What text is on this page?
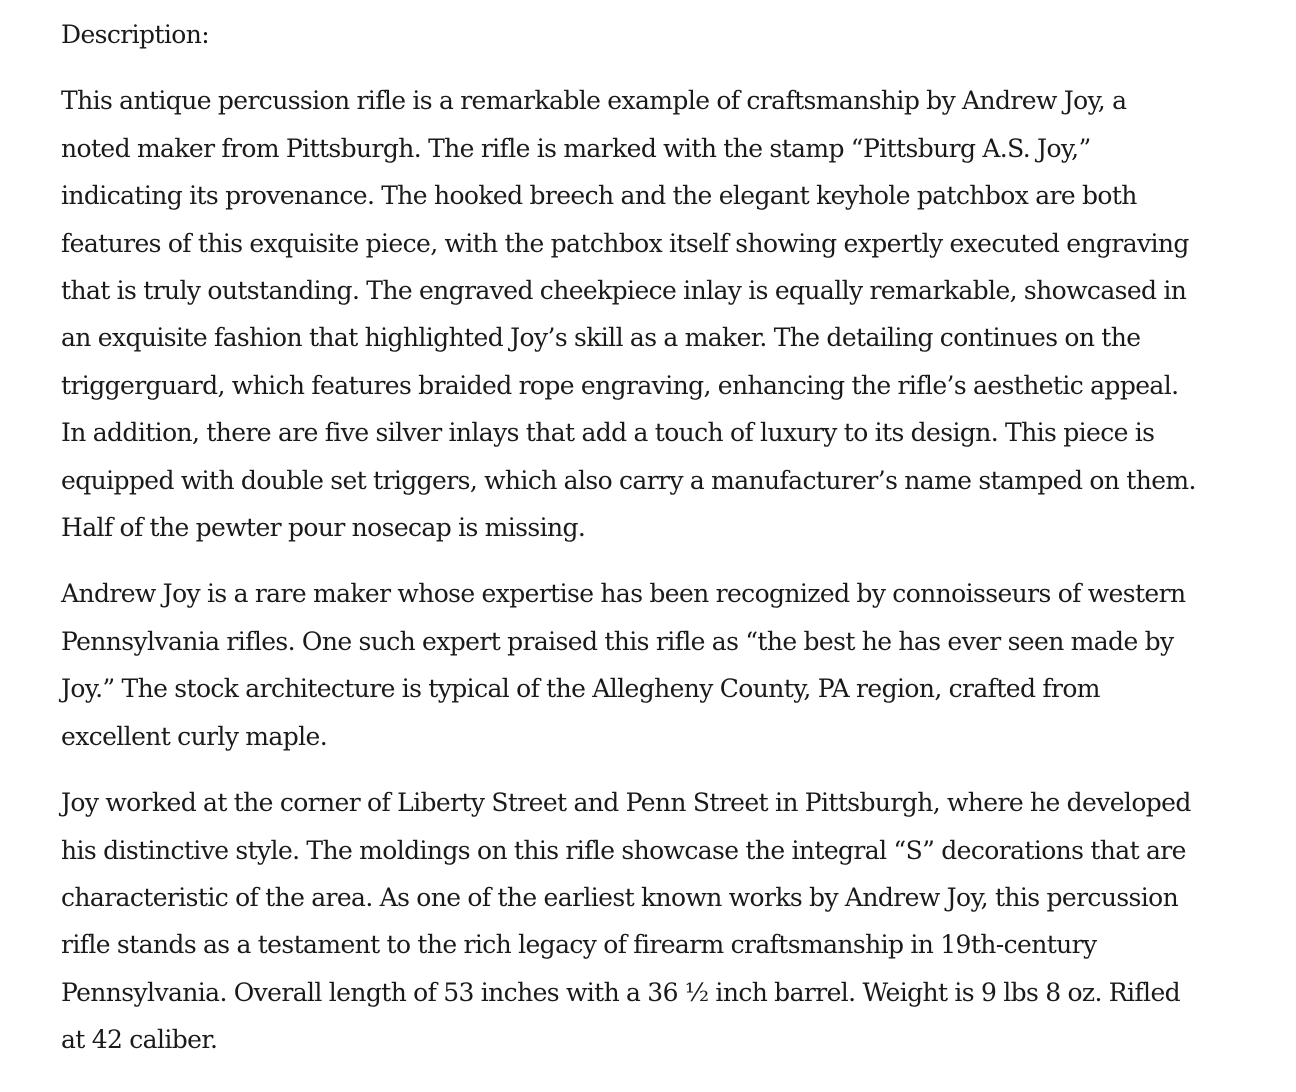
Description:

This antique percussion rifle is a remarkable example of craftsmanship by Andrew Joy, a noted maker from Pittsburgh. The rifle is marked with the stamp “Pittsburg A.S. Joy,” indicating its provenance. The hooked breech and the elegant keyhole patchbox are both features of this exquisite piece, with the patchbox itself showing expertly executed engraving that is truly outstanding. The engraved cheekpiece inlay is equally remarkable, showcased in an exquisite fashion that highlighted Joy’s skill as a maker. The detailing continues on the triggerguard, which features braided rope engraving, enhancing the rifle’s aesthetic appeal. In addition, there are five silver inlays that add a touch of luxury to its design. This piece is equipped with double set triggers, which also carry a manufacturer’s name stamped on them. Half of the pewter pour nosecap is missing.

Andrew Joy is a rare maker whose expertise has been recognized by connoisseurs of western Pennsylvania rifles. One such expert praised this rifle as “the best he has ever seen made by Joy.” The stock architecture is typical of the Allegheny County, PA region, crafted from excellent curly maple.

Joy worked at the corner of Liberty Street and Penn Street in Pittsburgh, where he developed his distinctive style. The moldings on this rifle showcase the integral “S” decorations that are characteristic of the area. As one of the earliest known works by Andrew Joy, this percussion rifle stands as a testament to the rich legacy of firearm craftsmanship in 19th-century Pennsylvania. Overall length of 53 inches with a 36 ½ inch barrel. Weight is 9 lbs 8 oz. Rifled at 42 caliber.
